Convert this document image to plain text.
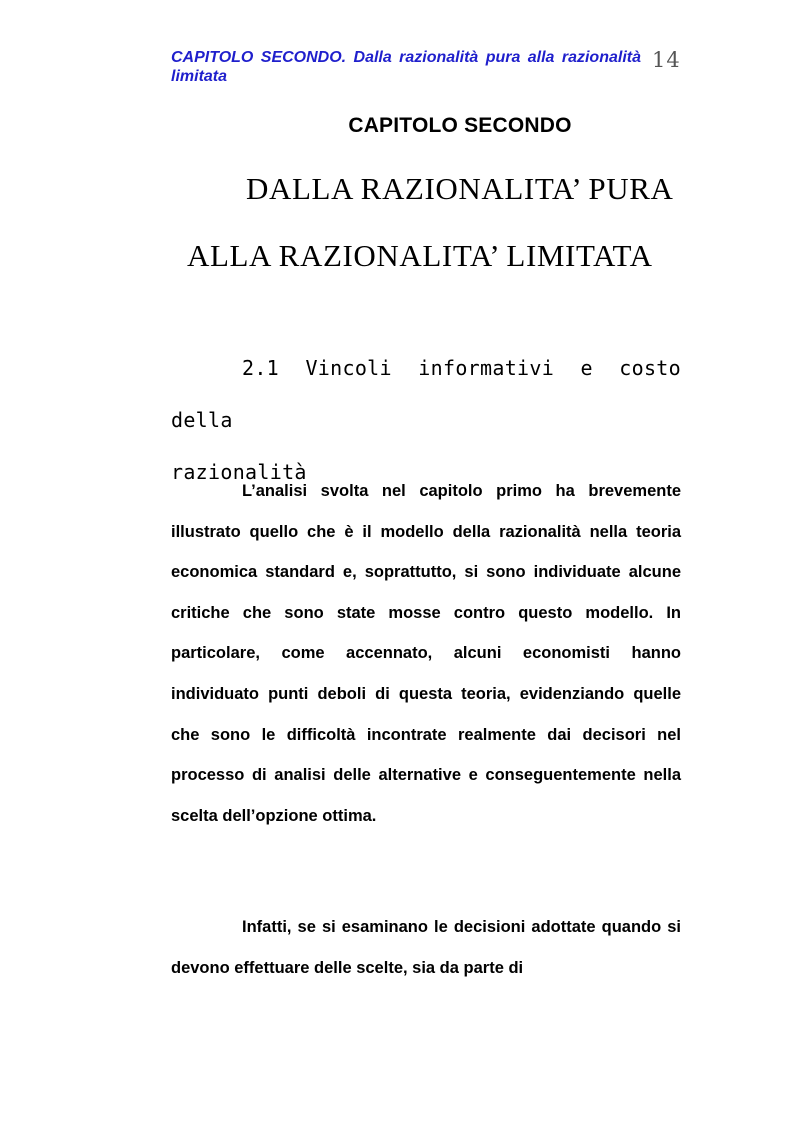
CAPITOLO SECONDO. Dalla razionalità pura alla razionalità limitata
14
CAPITOLO SECONDO
DALLA RAZIONALITA’ PURA
ALLA RAZIONALITA’ LIMITATA
2.1 Vincoli informativi e costo della
razionalità

L’analisi svolta nel capitolo primo ha brevemente illustrato quello che è il modello della razionalità nella teoria economica standard e, soprattutto, si sono individuate alcune critiche che sono state mosse contro questo modello. In particolare, come accennato, alcuni economisti hanno individuato punti deboli di questa teoria, evidenziando quelle che sono le difficoltà incontrate realmente dai decisori nel processo di analisi delle alternative e conseguentemente nella scelta dell’opzione ottima.

Infatti, se si esaminano le decisioni adottate quando si devono effettuare delle scelte, sia da parte di
